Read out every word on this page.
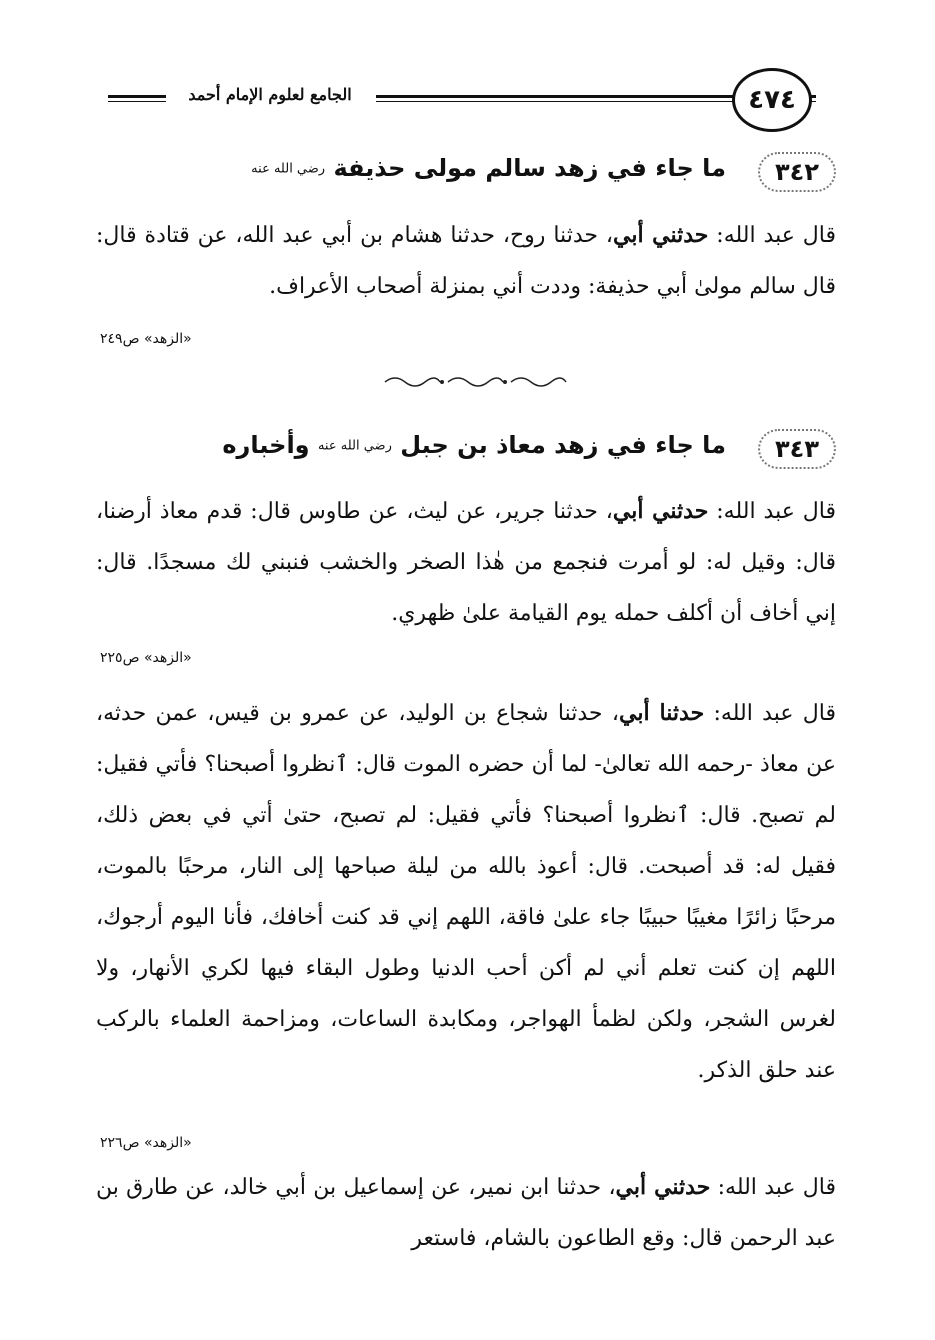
٤٧٤
الجامع لعلوم الإمام أحمد
٣٤٢
ما جاء في زهد سالم مولى حذيفة رضي الله عنه
قال عبد الله: حدثني أبي، حدثنا روح، حدثنا هشام بن أبي عبد الله، عن قتادة قال: قال سالم مولىٰ أبي حذيفة: وددت أني بمنزلة أصحاب الأعراف.
«الزهد» ص٢٤٩
٣٤٣
ما جاء في زهد معاذ بن جبل رضي الله عنه وأخباره
قال عبد الله: حدثني أبي، حدثنا جرير، عن ليث، عن طاوس قال: قدم معاذ أرضنا، قال: وقيل له: لو أمرت فنجمع من هٰذا الصخر والخشب فنبني لك مسجدًا. قال: إني أخاف أن أكلف حمله يوم القيامة علىٰ ظهري.
«الزهد» ص٢٢٥
قال عبد الله: حدثنا أبي، حدثنا شجاع بن الوليد، عن عمرو بن قيس، عمن حدثه، عن معاذ -رحمه الله تعالىٰ- لما أن حضره الموت قال: ٱنظروا أصبحنا؟ فأتي فقيل: لم تصبح. قال: ٱنظروا أصبحنا؟ فأتي فقيل: لم تصبح، حتىٰ أتي في بعض ذلك، فقيل له: قد أصبحت. قال: أعوذ بالله من ليلة صباحها إلى النار، مرحبًا بالموت، مرحبًا زائرًا مغيبًا حبيبًا جاء علىٰ فاقة، اللهم إني قد كنت أخافك، فأنا اليوم أرجوك، اللهم إن كنت تعلم أني لم أكن أحب الدنيا وطول البقاء فيها لكري الأنهار، ولا لغرس الشجر، ولكن لظمأ الهواجر، ومكابدة الساعات، ومزاحمة العلماء بالركب عند حلق الذكر.
«الزهد» ص٢٢٦
قال عبد الله: حدثني أبي، حدثنا ابن نمير، عن إسماعيل بن أبي خالد، عن طارق بن عبد الرحمن قال: وقع الطاعون بالشام، فاستعر
